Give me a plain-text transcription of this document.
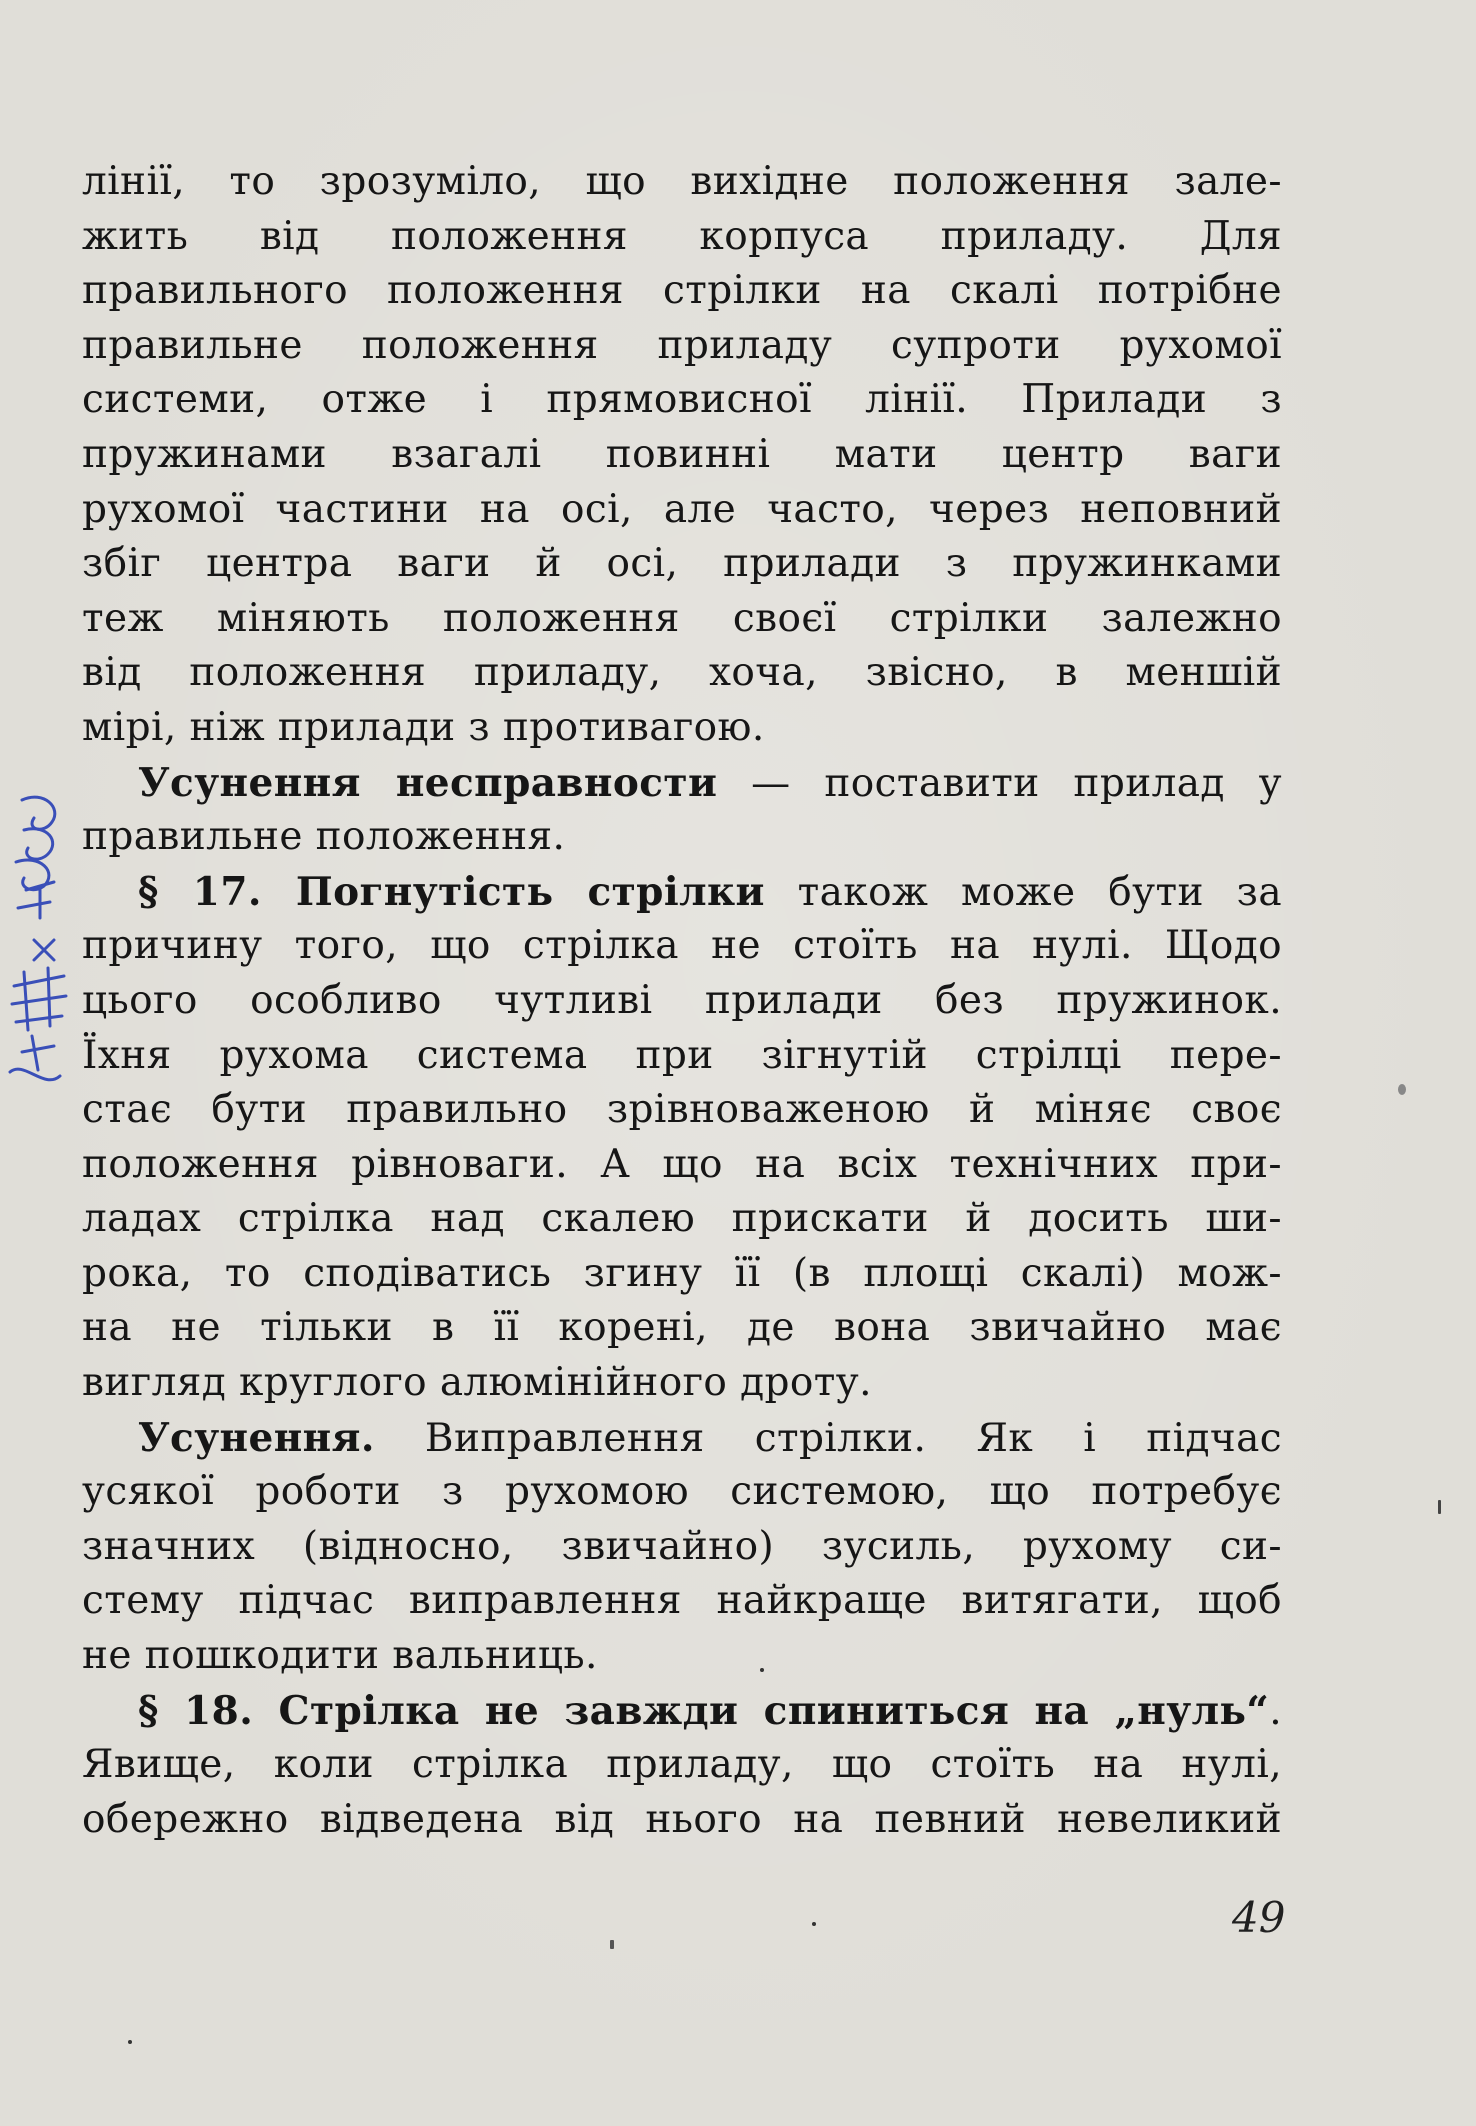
лінії, то зрозуміло, що вихідне положення зале-
жить від положення корпуса приладу. Для
правильного положення стрілки на скалі потрібне
правильне положення приладу супроти рухомої
системи, отже і прямовисної лінії. Прилади з
пружинами взагалі повинні мати центр ваги
рухомої частини на осі, але часто, через неповний
збіг центра ваги й осі, прилади з пружинками
теж міняють положення своєї стрілки залежно
від положення приладу, хоча, звісно, в меншій
мірі, ніж прилади з противагою.
Усунення несправности — поставити прилад у
правильне положення.
§ 17. Погнутість стрілки також може бути за
причину того, що стрілка не стоїть на нулі. Щодо
цього особливо чутливі прилади без пружинок.
Їхня рухома система при зігнутій стрілці пере-
стає бути правильно зрівноваженою й міняє своє
положення рівноваги. А що на всіх технічних при-
ладах стрілка над скалею прискати й досить ши-
рока, то сподіватись згину її (в площі скалі) мож-
на не тільки в її корені, де вона звичайно має
вигляд круглого алюмінійного дроту.
Усунення. Виправлення стрілки. Як і підчас
усякої роботи з рухомою системою, що потребує
значних (відносно, звичайно) зусиль, рухому си-
стему підчас виправлення найкраще витягати, щоб
не пошкодити вальниць.
§ 18. Стрілка не завжди спиниться на „нуль“.
Явище, коли стрілка приладу, що стоїть на нулі,
обережно відведена від нього на певний невеликий
49
